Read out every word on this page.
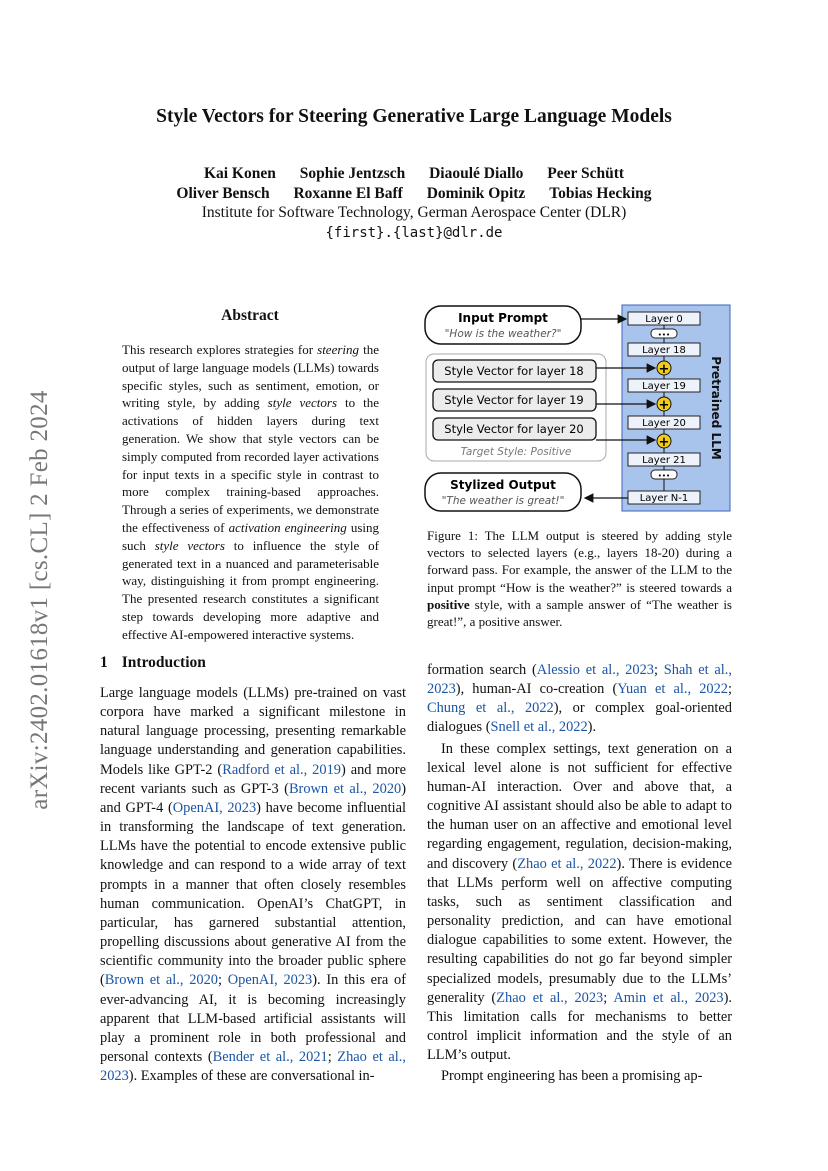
arXiv:2402.01618v1 [cs.CL] 2 Feb 2024
Style Vectors for Steering Generative Large Language Models
Kai Konen Sophie Jentzsch Diaoulé Diallo Peer Schütt
Oliver Bensch Roxanne El Baff Dominik Opitz Tobias Hecking
Institute for Software Technology, German Aerospace Center (DLR)
{first}.{last}@dlr.de
Abstract

This research explores strategies for steering the output of large language models (LLMs) towards specific styles, such as sentiment, emotion, or writing style, by adding style vectors to the activations of hidden layers during text generation. We show that style vectors can be simply computed from recorded layer activations for input texts in a specific style in contrast to more complex training-based approaches. Through a series of experiments, we demonstrate the effectiveness of activation engineering using such style vectors to influence the style of generated text in a nuanced and parameterisable way, distinguishing it from prompt engineering. The presented research constitutes a significant step towards developing more adaptive and effective AI-empowered interactive systems.

Pretrained LLM
Layer 0
•••
Layer 18
Layer 19
Layer 20
Layer 21
•••
Layer N-1
+
+
+
Input Prompt
"How is the weather?"
Style Vector for layer 18
Style Vector for layer 19
Style Vector for layer 20
Target Style: Positive
Stylized Output
"The weather is great!"

Figure 1: The LLM output is steered by adding style vectors to selected layers (e.g., layers 18-20) during a forward pass. For example, the answer of the LLM to the input prompt “How is the weather?” is steered towards a positive style, with a sample answer of “The weather is great!”, a positive answer.

1 Introduction

Large language models (LLMs) pre-trained on vast corpora have marked a significant milestone in natural language processing, presenting remarkable language understanding and generation capabilities. Models like GPT-2 (Radford et al., 2019) and more recent variants such as GPT-3 (Brown et al., 2020) and GPT-4 (OpenAI, 2023) have become influential in transforming the landscape of text generation. LLMs have the potential to encode extensive public knowledge and can respond to a wide array of text prompts in a manner that often closely resembles human communication. OpenAI’s ChatGPT, in particular, has garnered substantial attention, propelling discussions about generative AI from the scientific community into the broader public sphere (Brown et al., 2020; OpenAI, 2023). In this era of ever-advancing AI, it is becoming increasingly apparent that LLM-based artificial assistants will play a prominent role in both professional and personal contexts (Bender et al., 2021; Zhao et al., 2023). Examples of these are conversational in-

formation search (Alessio et al., 2023; Shah et al., 2023), human-AI co-creation (Yuan et al., 2022; Chung et al., 2022), or complex goal-oriented dialogues (Snell et al., 2022).

In these complex settings, text generation on a lexical level alone is not sufficient for effective human-AI interaction. Over and above that, a cognitive AI assistant should also be able to adapt to the human user on an affective and emotional level regarding engagement, regulation, decision-making, and discovery (Zhao et al., 2022). There is evidence that LLMs perform well on affective computing tasks, such as sentiment classification and personality prediction, and can have emotional dialogue capabilities to some extent. However, the resulting capabilities do not go far beyond simpler specialized models, presumably due to the LLMs’ generality (Zhao et al., 2023; Amin et al., 2023). This limitation calls for mechanisms to better control implicit information and the style of an LLM’s output.

Prompt engineering has been a promising ap-
